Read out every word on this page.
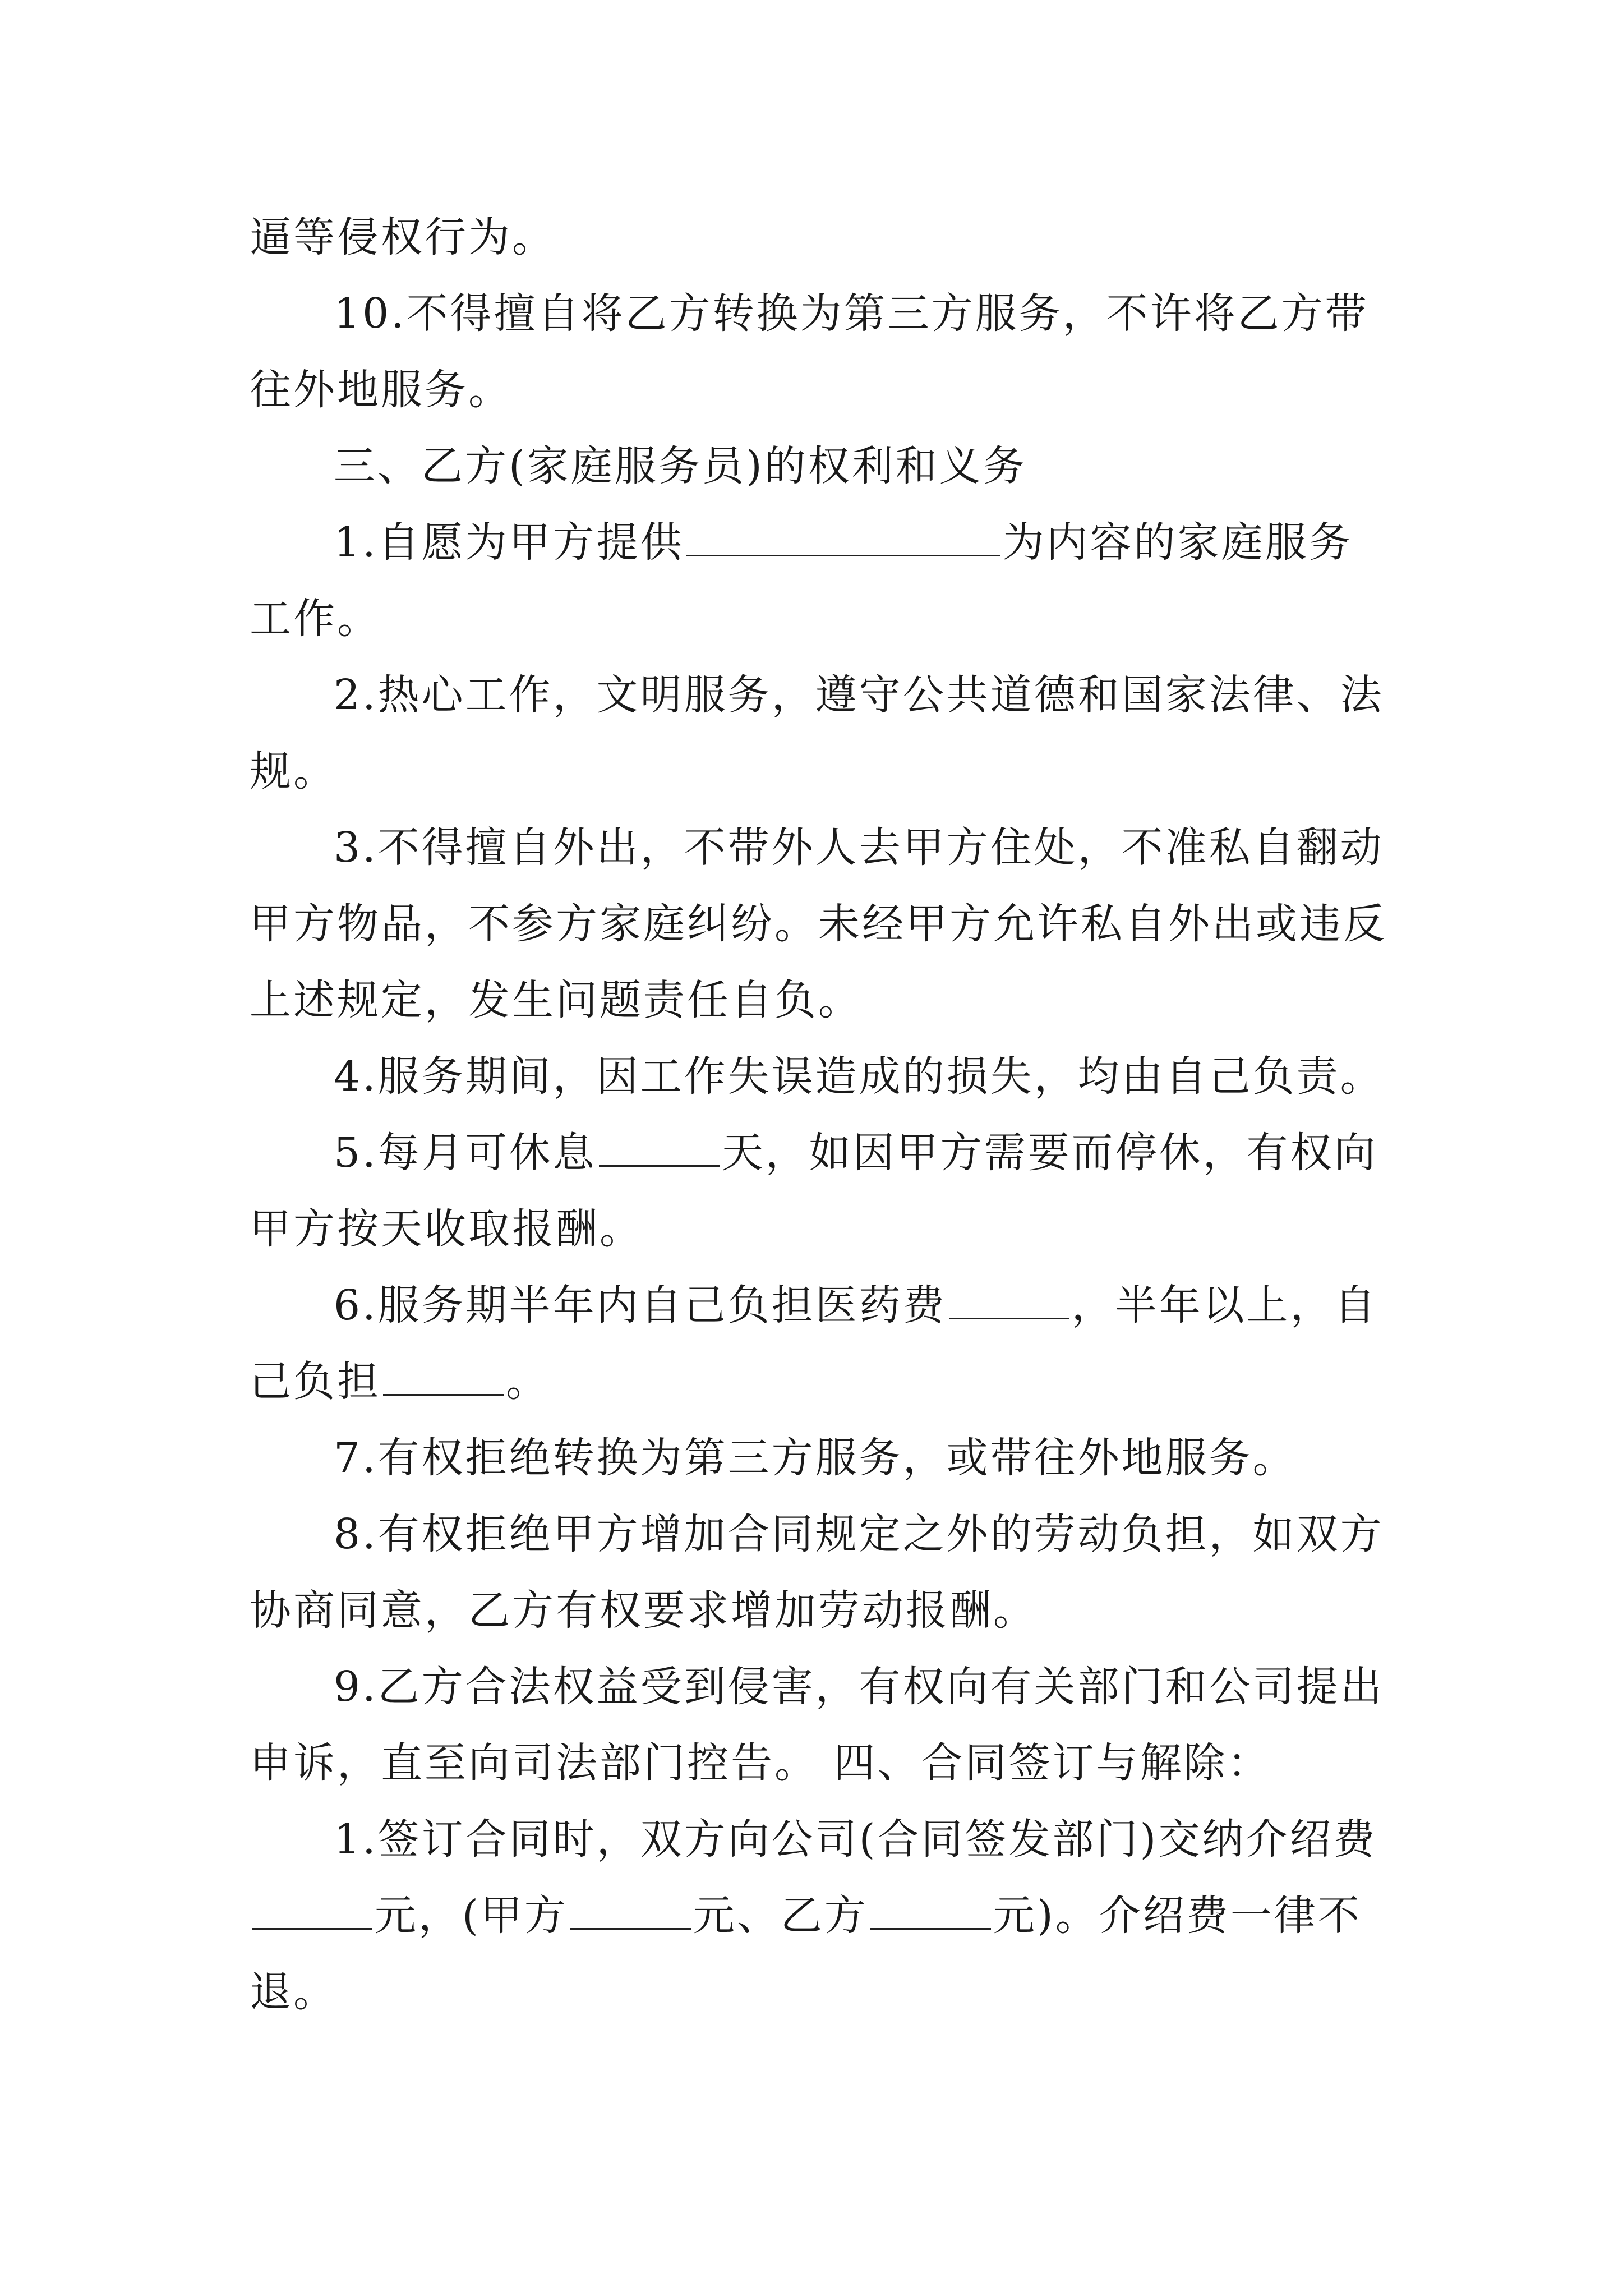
逼等侵权行为。
10.不得擅自将乙方转换为第三方服务，不许将乙方带
往外地服务。
三、乙方(家庭服务员)的权利和义务
1.自愿为甲方提供	为内容的家庭服务
工作。
2.热心工作，文明服务，遵守公共道德和国家法律、法
规。
3.不得擅自外出，不带外人去甲方住处，不准私自翻动
甲方物品，不参方家庭纠纷。未经甲方允许私自外出或违反
上述规定，发生问题责任自负。
4.服务期间，因工作失误造成的损失，均由自己负责。
5.每月可休息	天，如因甲方需要而停休，有权向
甲方按天收取报酬。
6.服务期半年内自己负担医药费	，半年以上，自
己负担	。
7.有权拒绝转换为第三方服务，或带往外地服务。
8.有权拒绝甲方增加合同规定之外的劳动负担，如双方
协商同意，乙方有权要求增加劳动报酬。
9.乙方合法权益受到侵害，有权向有关部门和公司提出
申诉，直至向司法部门控告。 四、合同签订与解除：
1.签订合同时，双方向公司(合同签发部门)交纳介绍费
元，(甲方	元、乙方	元)。介绍费一律不
退。
